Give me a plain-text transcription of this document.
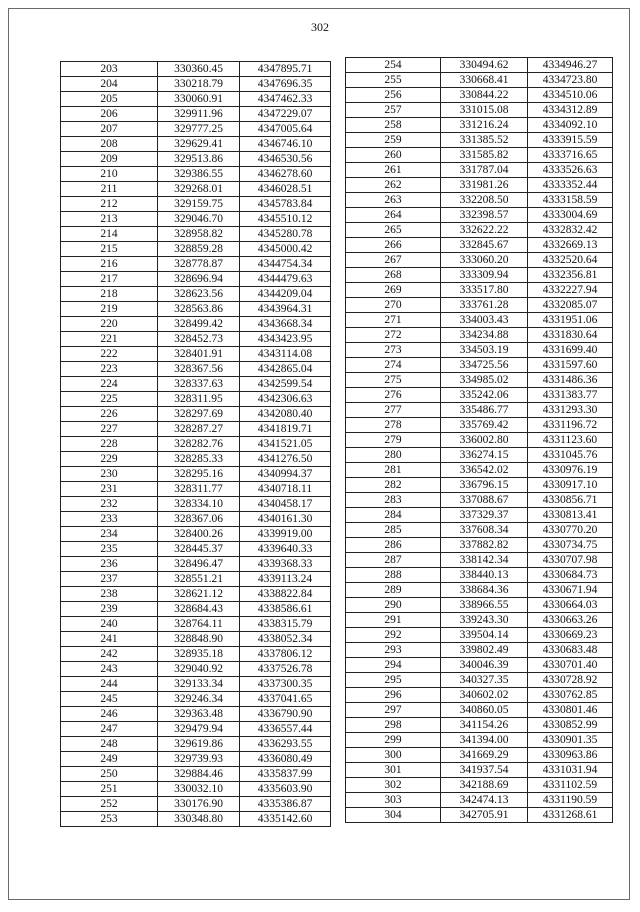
302
203	330360.45	4347895.71
204	330218.79	4347696.35
205	330060.91	4347462.33
206	329911.96	4347229.07
207	329777.25	4347005.64
208	329629.41	4346746.10
209	329513.86	4346530.56
210	329386.55	4346278.60
211	329268.01	4346028.51
212	329159.75	4345783.84
213	329046.70	4345510.12
214	328958.82	4345280.78
215	328859.28	4345000.42
216	328778.87	4344754.34
217	328696.94	4344479.63
218	328623.56	4344209.04
219	328563.86	4343964.31
220	328499.42	4343668.34
221	328452.73	4343423.95
222	328401.91	4343114.08
223	328367.56	4342865.04
224	328337.63	4342599.54
225	328311.95	4342306.63
226	328297.69	4342080.40
227	328287.27	4341819.71
228	328282.76	4341521.05
229	328285.33	4341276.50
230	328295.16	4340994.37
231	328311.77	4340718.11
232	328334.10	4340458.17
233	328367.06	4340161.30
234	328400.26	4339919.00
235	328445.37	4339640.33
236	328496.47	4339368.33
237	328551.21	4339113.24
238	328621.12	4338822.84
239	328684.43	4338586.61
240	328764.11	4338315.79
241	328848.90	4338052.34
242	328935.18	4337806.12
243	329040.92	4337526.78
244	329133.34	4337300.35
245	329246.34	4337041.65
246	329363.48	4336790.90
247	329479.94	4336557.44
248	329619.86	4336293.55
249	329739.93	4336080.49
250	329884.46	4335837.99
251	330032.10	4335603.90
252	330176.90	4335386.87
253	330348.80	4335142.60
254	330494.62	4334946.27
255	330668.41	4334723.80
256	330844.22	4334510.06
257	331015.08	4334312.89
258	331216.24	4334092.10
259	331385.52	4333915.59
260	331585.82	4333716.65
261	331787.04	4333526.63
262	331981.26	4333352.44
263	332208.50	4333158.59
264	332398.57	4333004.69
265	332622.22	4332832.42
266	332845.67	4332669.13
267	333060.20	4332520.64
268	333309.94	4332356.81
269	333517.80	4332227.94
270	333761.28	4332085.07
271	334003.43	4331951.06
272	334234.88	4331830.64
273	334503.19	4331699.40
274	334725.56	4331597.60
275	334985.02	4331486.36
276	335242.06	4331383.77
277	335486.77	4331293.30
278	335769.42	4331196.72
279	336002.80	4331123.60
280	336274.15	4331045.76
281	336542.02	4330976.19
282	336796.15	4330917.10
283	337088.67	4330856.71
284	337329.37	4330813.41
285	337608.34	4330770.20
286	337882.82	4330734.75
287	338142.34	4330707.98
288	338440.13	4330684.73
289	338684.36	4330671.94
290	338966.55	4330664.03
291	339243.30	4330663.26
292	339504.14	4330669.23
293	339802.49	4330683.48
294	340046.39	4330701.40
295	340327.35	4330728.92
296	340602.02	4330762.85
297	340860.05	4330801.46
298	341154.26	4330852.99
299	341394.00	4330901.35
300	341669.29	4330963.86
301	341937.54	4331031.94
302	342188.69	4331102.59
303	342474.13	4331190.59
304	342705.91	4331268.61
